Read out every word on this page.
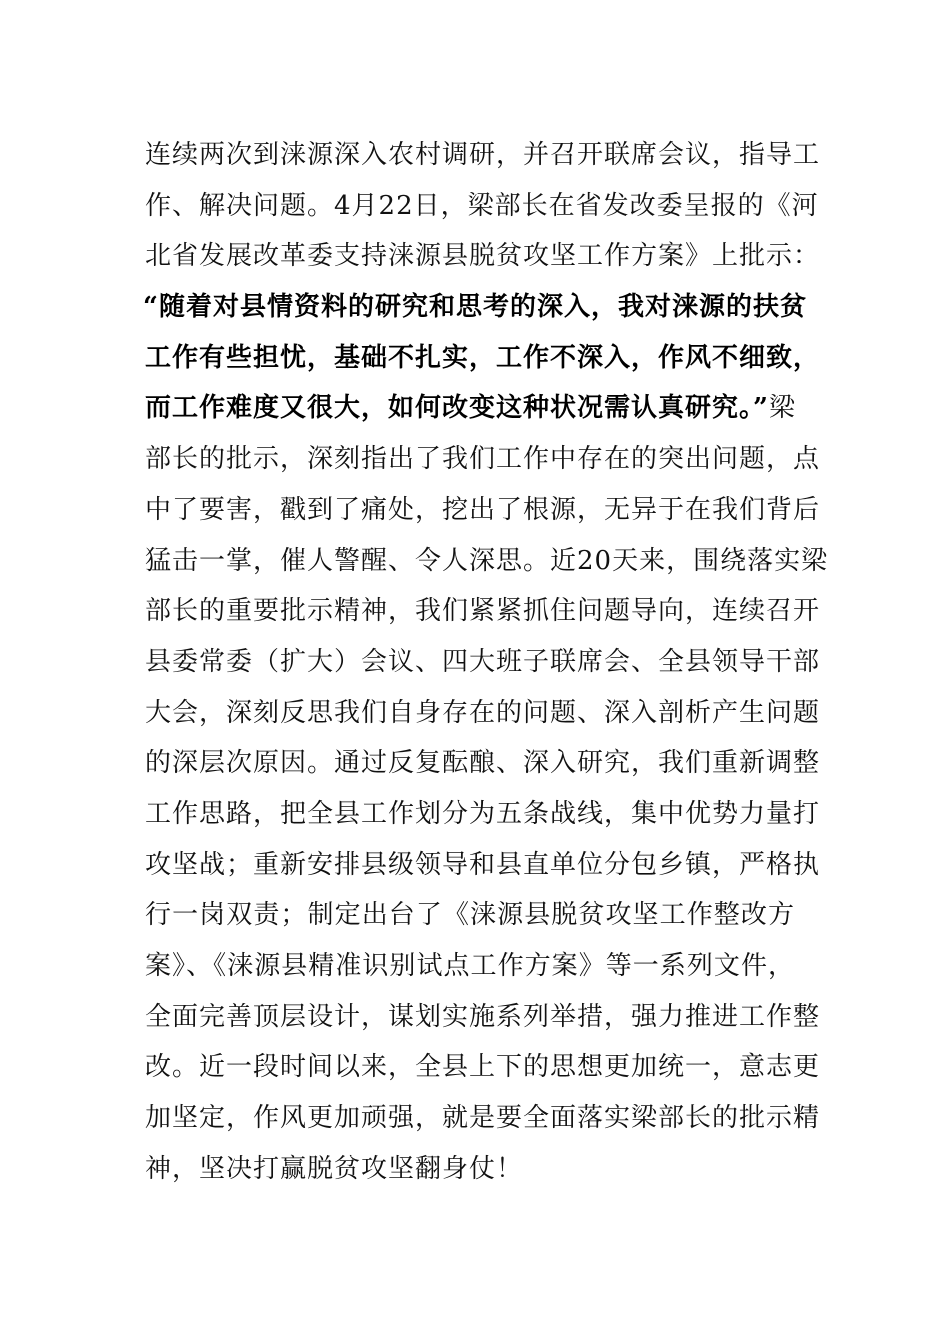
连续两次到涞源深入农村调研，并召开联席会议，指导工
作、解决问题。4月22日，梁部长在省发改委呈报的《河
北省发展改革委支持涞源县脱贫攻坚工作方案》上批示：
“随着对县情资料的研究和思考的深入，我对涞源的扶贫
工作有些担忧，基础不扎实，工作不深入，作风不细致，
而工作难度又很大，如何改变这种状况需认真研究。”梁
部长的批示，深刻指出了我们工作中存在的突出问题，点
中了要害，戳到了痛处，挖出了根源，无异于在我们背后
猛击一掌，催人警醒、令人深思。近20天来，围绕落实梁
部长的重要批示精神，我们紧紧抓住问题导向，连续召开
县委常委（扩大）会议、四大班子联席会、全县领导干部
大会，深刻反思我们自身存在的问题、深入剖析产生问题
的深层次原因。通过反复酝酿、深入研究，我们重新调整
工作思路，把全县工作划分为五条战线，集中优势力量打
攻坚战；重新安排县级领导和县直单位分包乡镇，严格执
行一岗双责；制定出台了《涞源县脱贫攻坚工作整改方
案》、《涞源县精准识别试点工作方案》等一系列文件，
全面完善顶层设计，谋划实施系列举措，强力推进工作整
改。近一段时间以来，全县上下的思想更加统一，意志更
加坚定，作风更加顽强，就是要全面落实梁部长的批示精
神，坚决打赢脱贫攻坚翻身仗！
